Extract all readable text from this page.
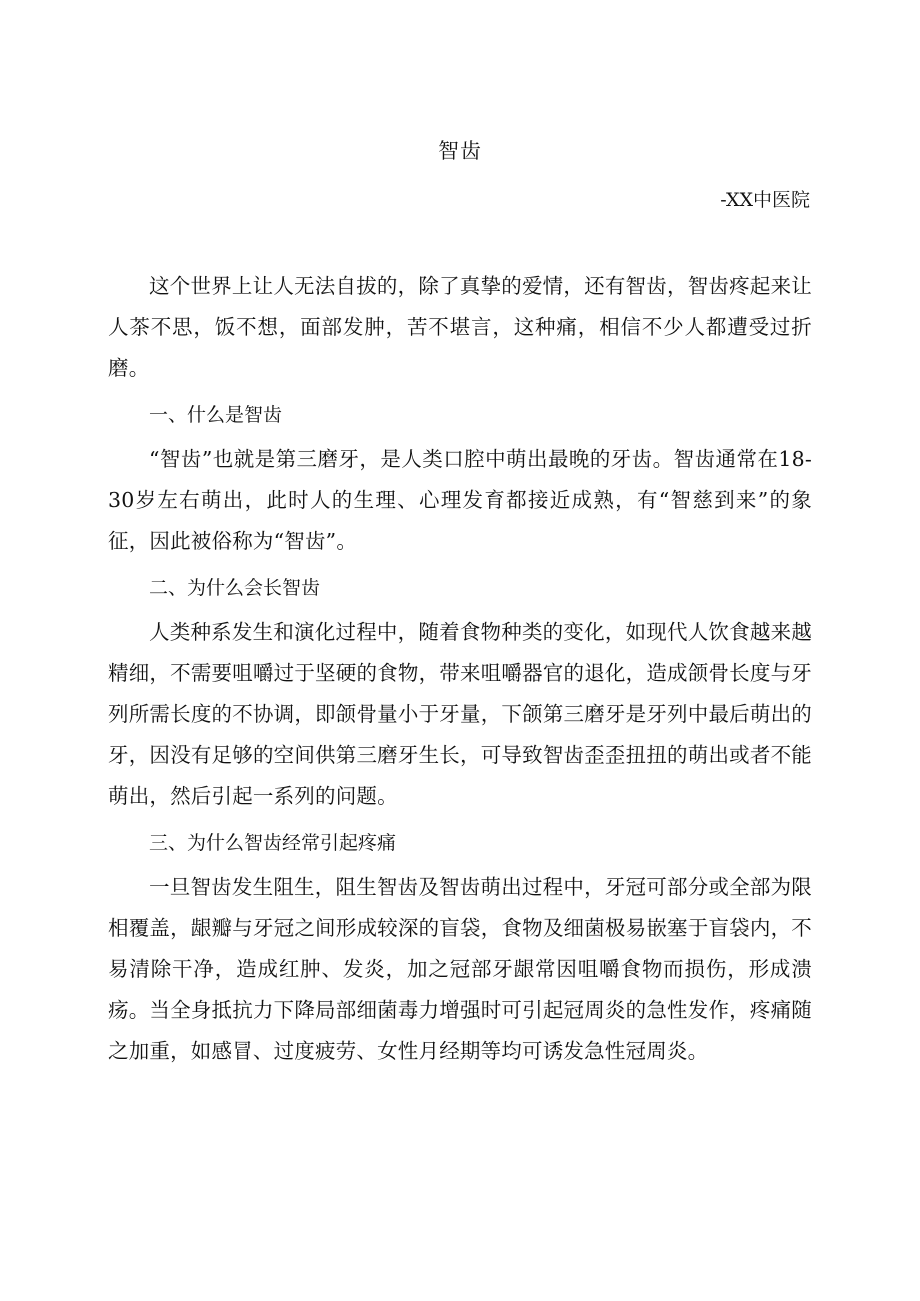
智齿
-XX中医院

这个世界上让人无法自拔的，除了真挚的爱情，还有智齿，智齿疼起来让人茶不思，饭不想，面部发肿，苦不堪言，这种痛，相信不少人都遭受过折磨。

一、什么是智齿

“智齿”也就是第三磨牙，是人类口腔中萌出最晚的牙齿。智齿通常在18-30岁左右萌出，此时人的生理、心理发育都接近成熟，有“智慈到来”的象征，因此被俗称为“智齿”。

二、为什么会长智齿

人类种系发生和演化过程中，随着食物种类的变化，如现代人饮食越来越精细，不需要咀嚼过于坚硬的食物，带来咀嚼器官的退化，造成颌骨长度与牙列所需长度的不协调，即颌骨量小于牙量，下颌第三磨牙是牙列中最后萌出的牙，因没有足够的空间供第三磨牙生长，可导致智齿歪歪扭扭的萌出或者不能萌出，然后引起一系列的问题。

三、为什么智齿经常引起疼痛

一旦智齿发生阻生，阻生智齿及智齿萌出过程中，牙冠可部分或全部为限相覆盖，龈瓣与牙冠之间形成较深的盲袋，食物及细菌极易嵌塞于盲袋内，不易清除干净，造成红肿、发炎，加之冠部牙龈常因咀嚼食物而损伤，形成溃疡。当全身抵抗力下降局部细菌毒力增强时可引起冠周炎的急性发作，疼痛随之加重，如感冒、过度疲劳、女性月经期等均可诱发急性冠周炎。
